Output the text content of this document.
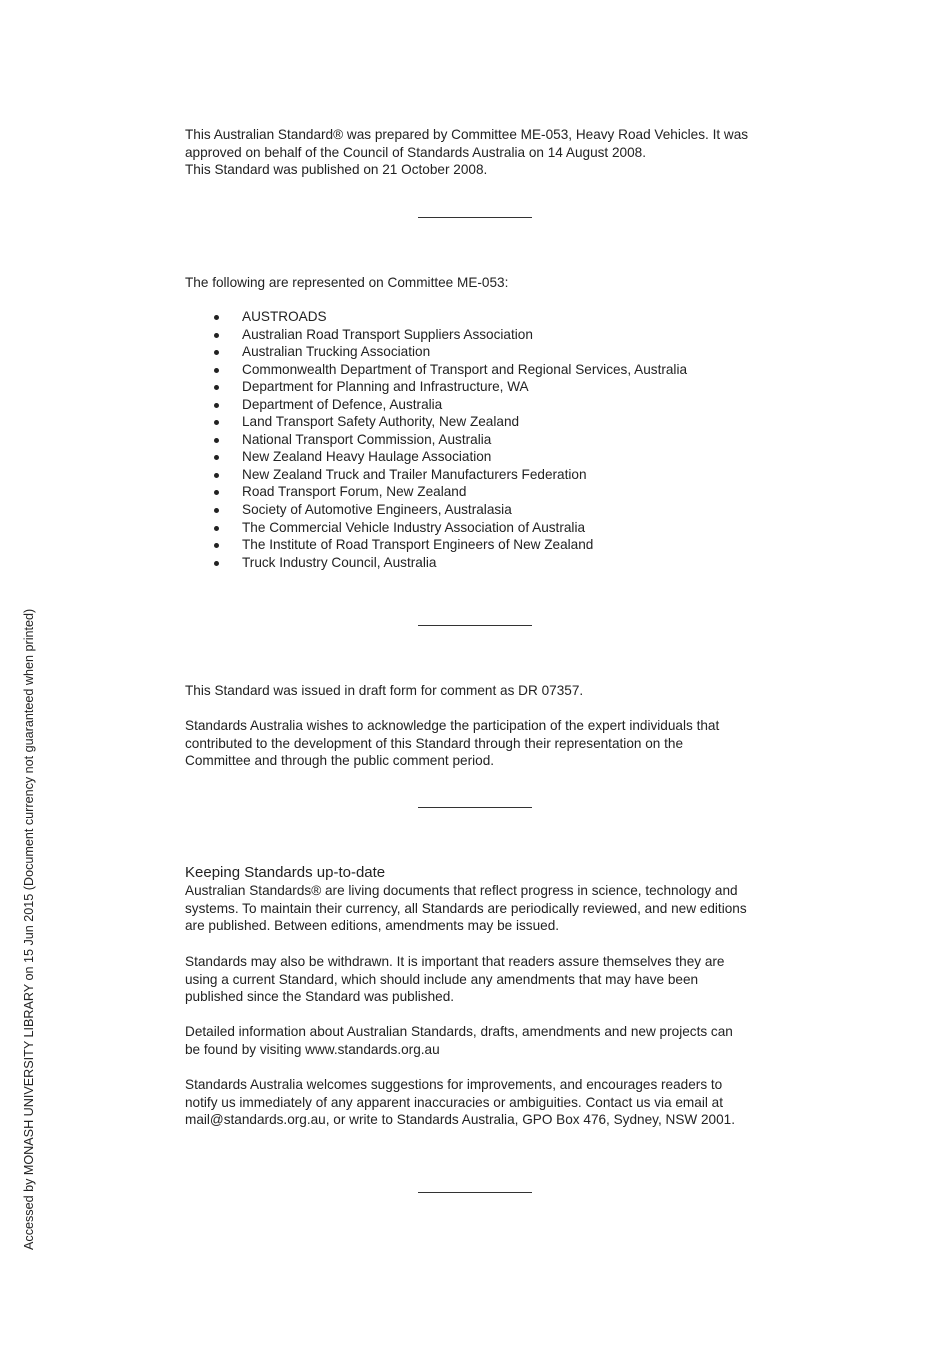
This Australian Standard® was prepared by Committee ME-053, Heavy Road Vehicles. It was

approved on behalf of the Council of Standards Australia on 14 August 2008.

This Standard was published on 21 October 2008.

The following are represented on Committee ME-053:

AUSTROADS
Australian Road Transport Suppliers Association
Australian Trucking Association
Commonwealth Department of Transport and Regional Services, Australia
Department for Planning and Infrastructure, WA
Department of Defence, Australia
Land Transport Safety Authority, New Zealand
National Transport Commission, Australia
New Zealand Heavy Haulage Association
New Zealand Truck and Trailer Manufacturers Federation
Road Transport Forum, New Zealand
Society of Automotive Engineers, Australasia
The Commercial Vehicle Industry Association of Australia
The Institute of Road Transport Engineers of New Zealand
Truck Industry Council, Australia

This Standard was issued in draft form for comment as DR 07357.

Standards Australia wishes to acknowledge the participation of the expert individuals that

contributed to the development of this Standard through their representation on the

Committee and through the public comment period.

Keeping Standards up-to-date

Australian Standards® are living documents that reflect progress in science, technology and

systems. To maintain their currency, all Standards are periodically reviewed, and new editions

are published. Between editions, amendments may be issued.

Standards may also be withdrawn. It is important that readers assure themselves they are

using a current Standard, which should include any amendments that may have been

published since the Standard was published.

Detailed information about Australian Standards, drafts, amendments and new projects can

be found by visiting www.standards.org.au

Standards Australia welcomes suggestions for improvements, and encourages readers to

notify us immediately of any apparent inaccuracies or ambiguities. Contact us via email at

mail@standards.org.au, or write to Standards Australia, GPO Box 476, Sydney, NSW 2001.

Accessed by MONASH UNIVERSITY LIBRARY on 15 Jun 2015 (Document currency not guaranteed when printed)
